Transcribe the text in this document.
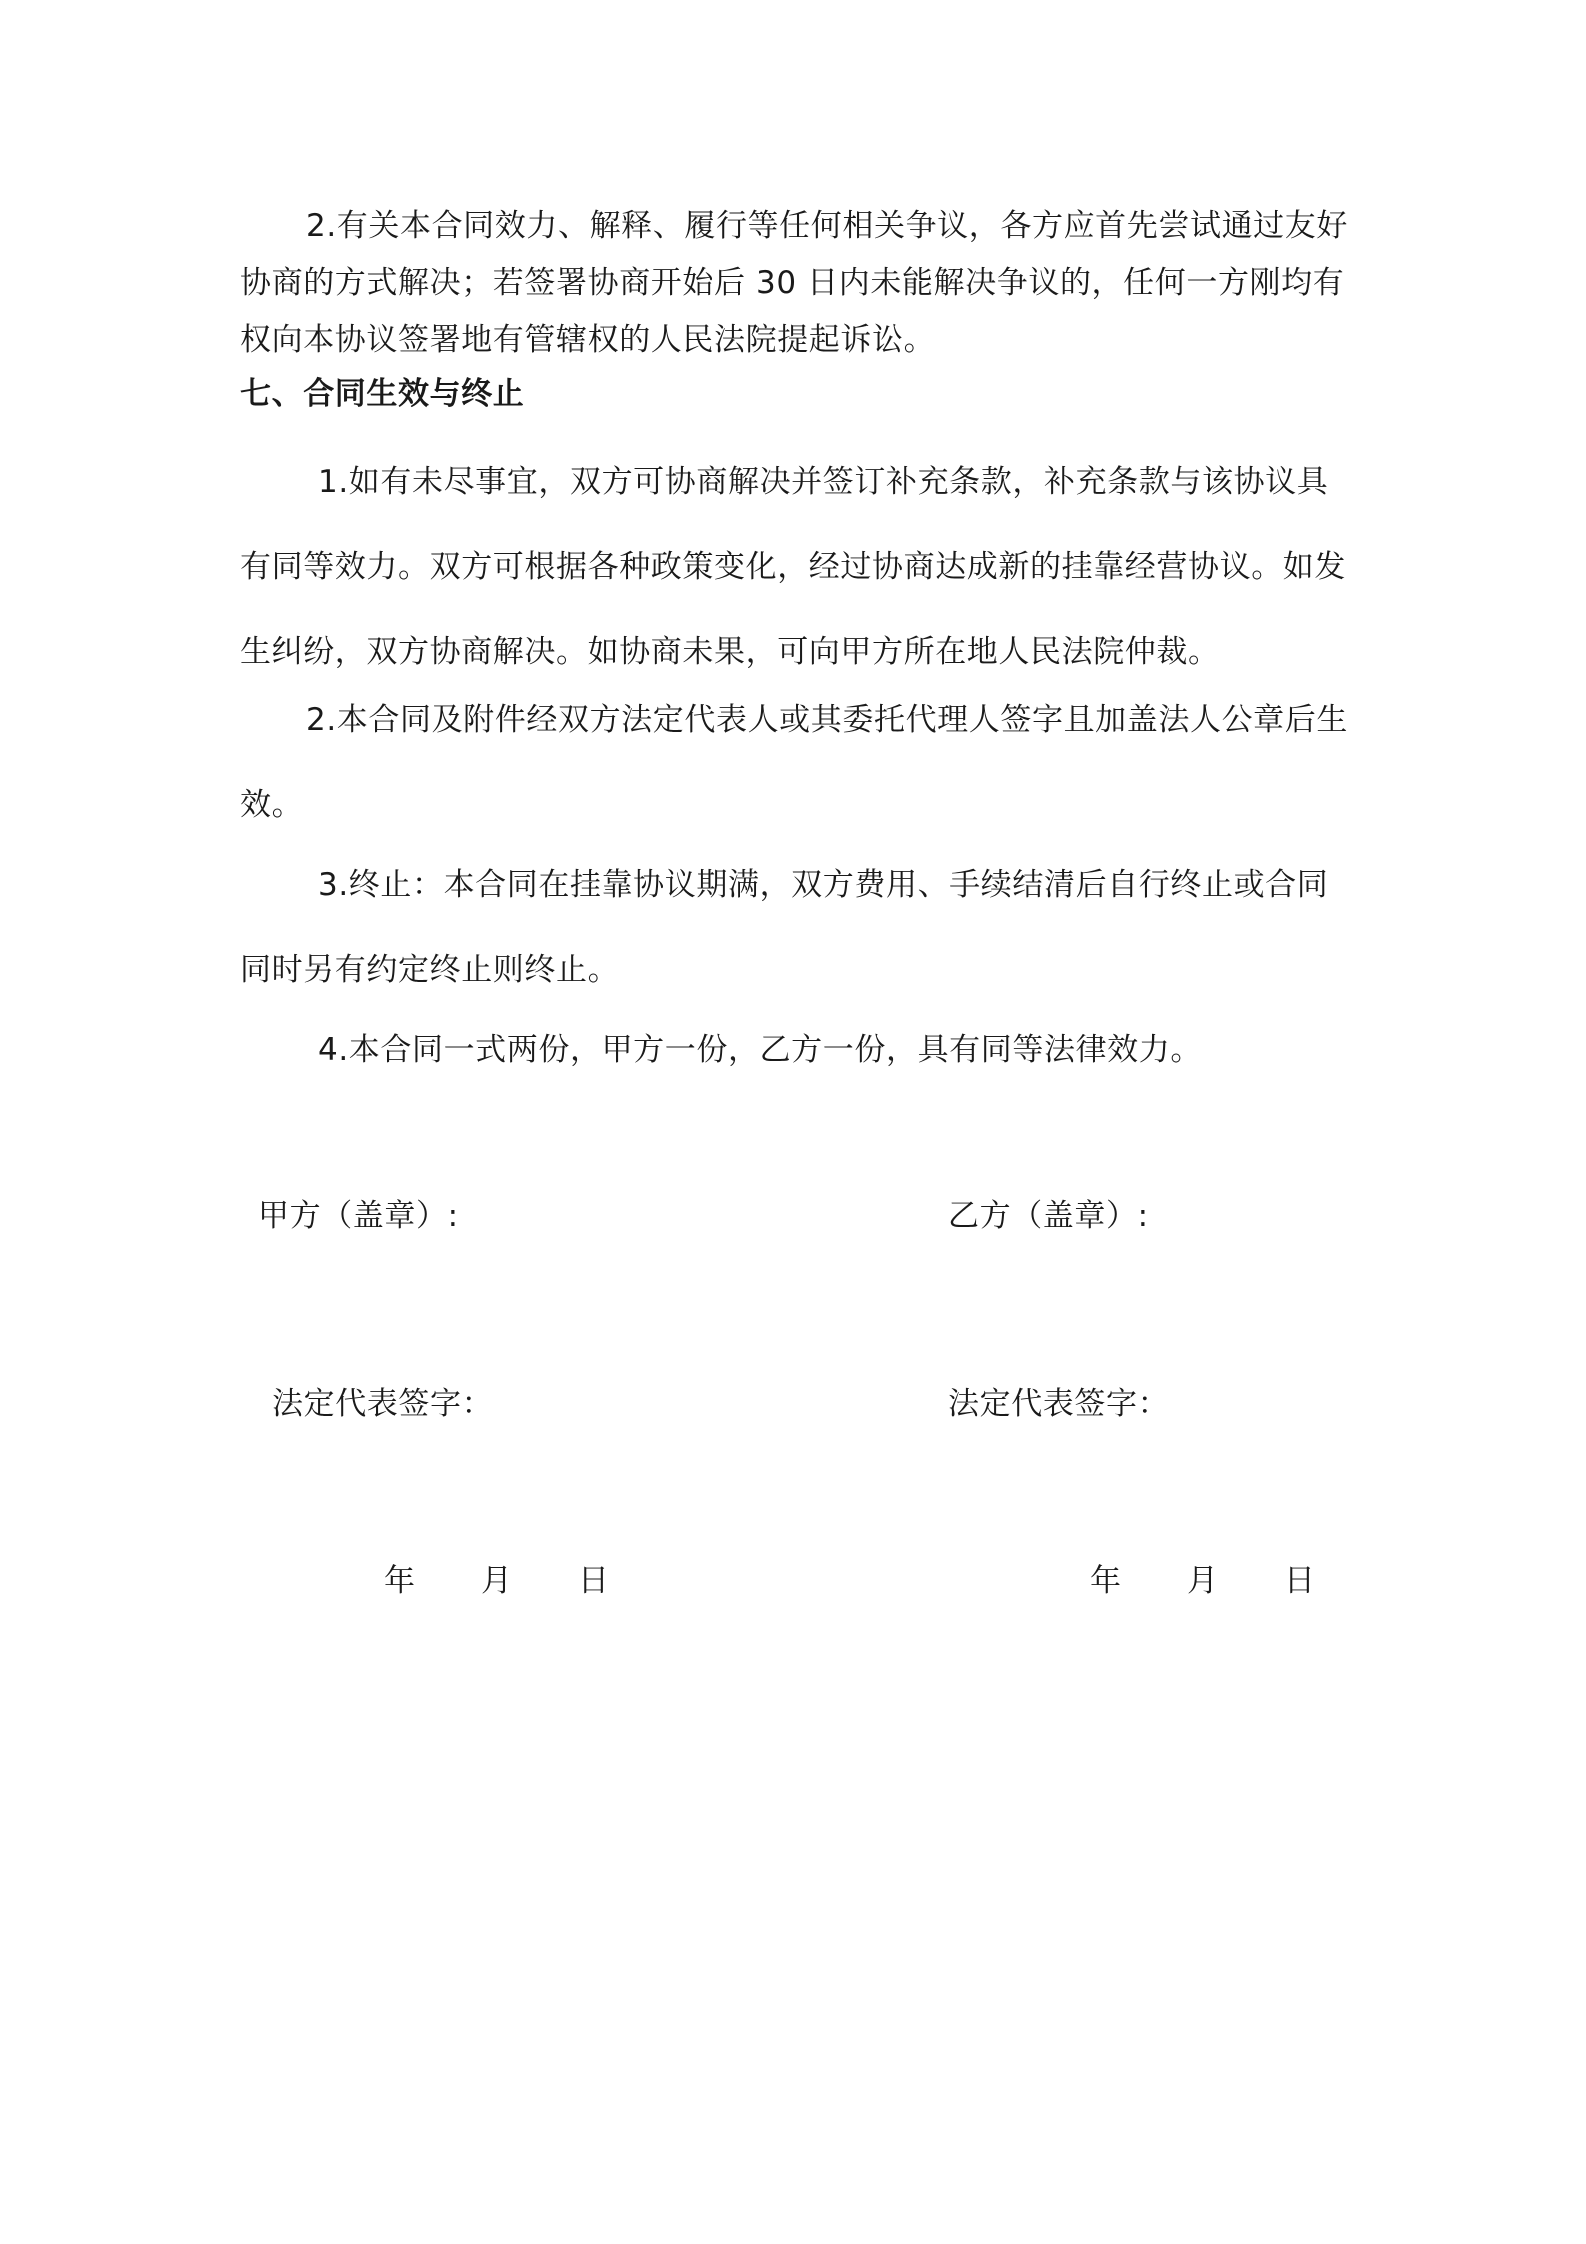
2.有关本合同效力、解释、履行等任何相关争议，各方应首先尝试通过友好协商的方式解决；若签署协商开始后 30 日内未能解决争议的，任何一方刚均有权向本协议签署地有管辖权的人民法院提起诉讼。

七、合同生效与终止

1.如有未尽事宜，双方可协商解决并签订补充条款，补充条款与该协议具有同等效力。双方可根据各种政策变化，经过协商达成新的挂靠经营协议。如发生纠纷，双方协商解决。如协商未果，可向甲方所在地人民法院仲裁。

2.本合同及附件经双方法定代表人或其委托代理人签字且加盖法人公章后生效。

3.终止：本合同在挂靠协议期满，双方费用、手续结清后自行终止或合同同时另有约定终止则终止。

4.本合同一式两份，甲方一份，乙方一份，具有同等法律效力。

甲方（盖章）:	乙方（盖章）:

法定代表签字：	法定代表签字：

年 月 日	年 月 日
